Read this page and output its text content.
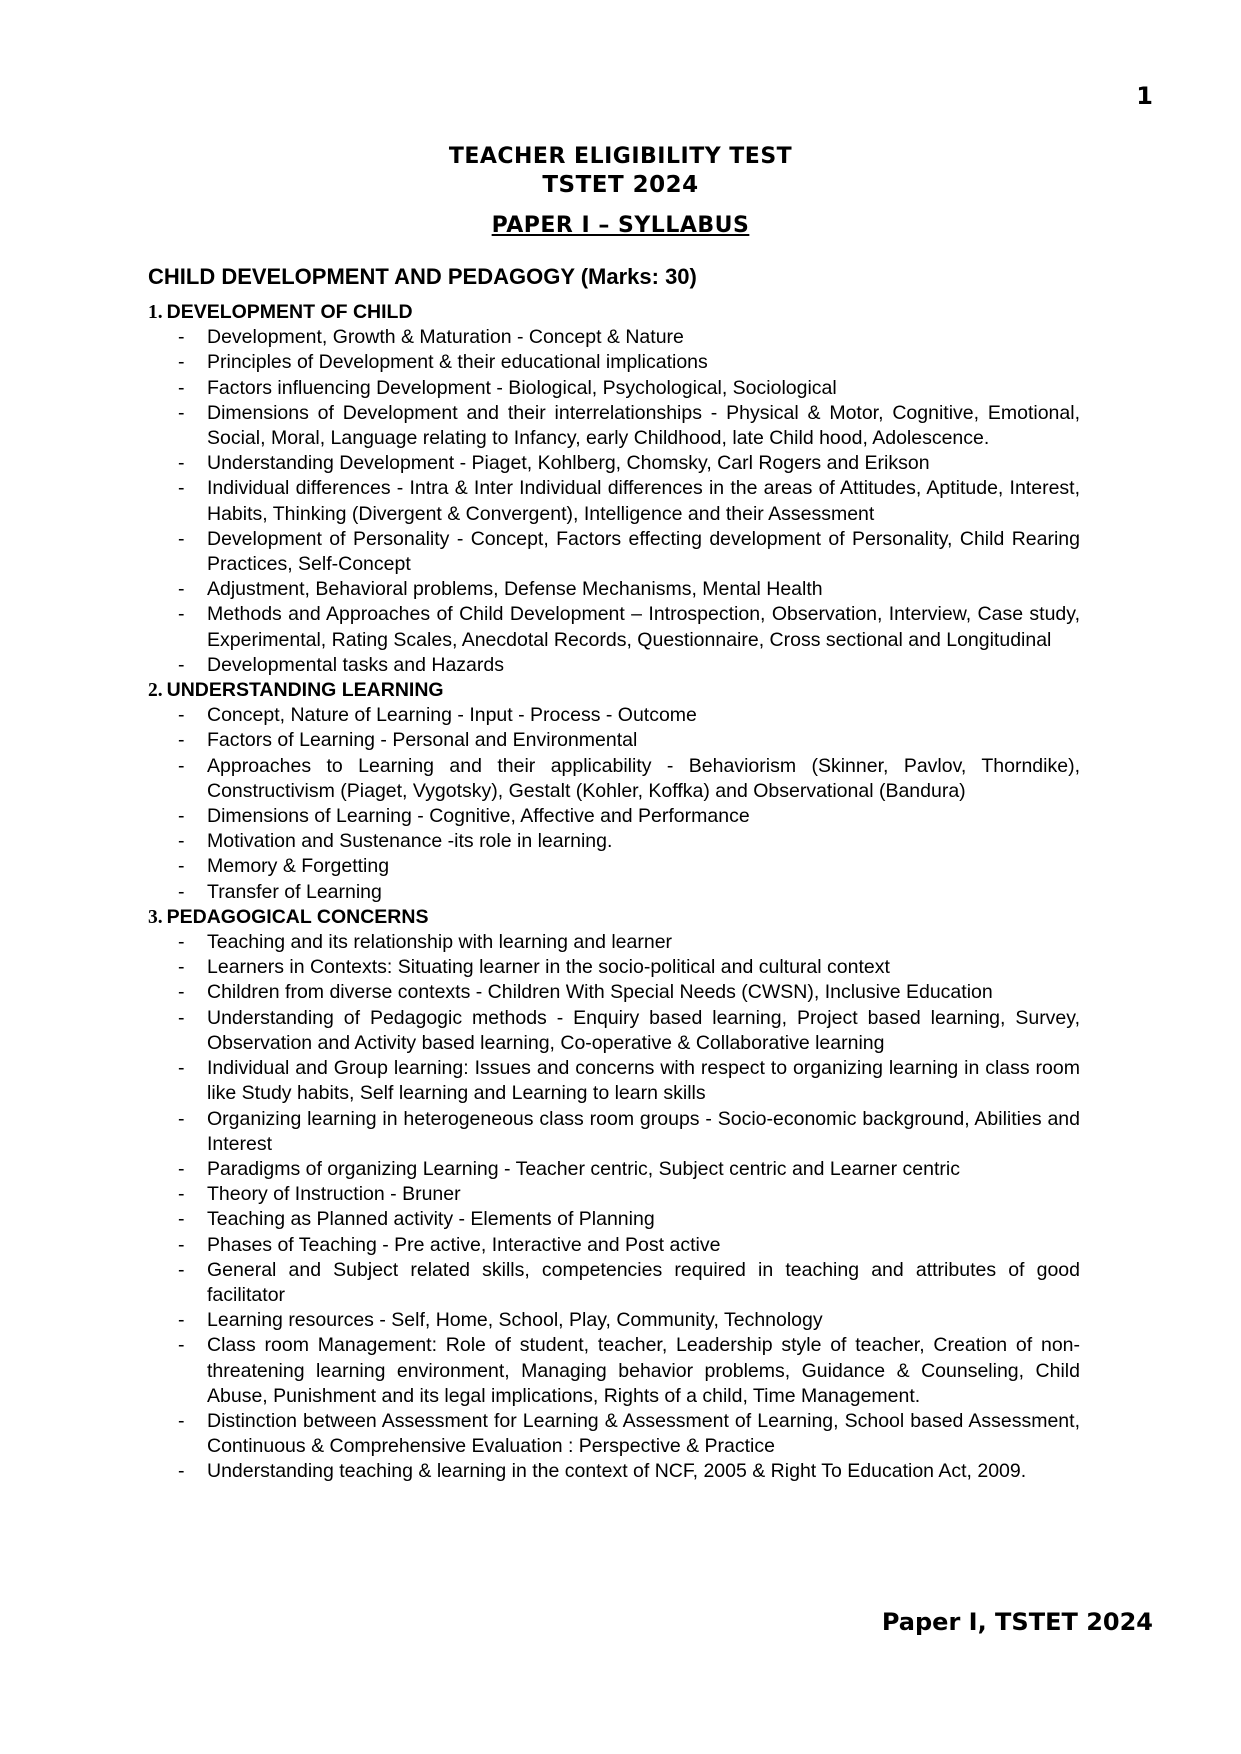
1
TEACHER ELIGIBILITY TEST
TSTET 2024
PAPER I – SYLLABUS
CHILD DEVELOPMENT AND PEDAGOGY (Marks: 30)
1. DEVELOPMENT OF CHILD
- Development, Growth & Maturation - Concept & Nature
- Principles of Development & their educational implications
- Factors influencing Development - Biological, Psychological, Sociological
- Dimensions of Development and their interrelationships - Physical & Motor, Cognitive, Emotional, Social, Moral, Language relating to Infancy, early Childhood, late Child hood, Adolescence.
- Understanding Development - Piaget, Kohlberg, Chomsky, Carl Rogers and Erikson
- Individual differences - Intra & Inter Individual differences in the areas of Attitudes, Aptitude, Interest, Habits, Thinking (Divergent & Convergent), Intelligence and their Assessment
- Development of Personality - Concept, Factors effecting development of Personality, Child Rearing Practices, Self-Concept
- Adjustment, Behavioral problems, Defense Mechanisms, Mental Health
- Methods and Approaches of Child Development – Introspection, Observation, Interview, Case study, Experimental, Rating Scales, Anecdotal Records, Questionnaire, Cross sectional and Longitudinal
- Developmental tasks and Hazards
2. UNDERSTANDING LEARNING
- Concept, Nature of Learning - Input - Process - Outcome
- Factors of Learning - Personal and Environmental
- Approaches to Learning and their applicability - Behaviorism (Skinner, Pavlov, Thorndike), Constructivism (Piaget, Vygotsky), Gestalt (Kohler, Koffka) and Observational (Bandura)
- Dimensions of Learning - Cognitive, Affective and Performance
- Motivation and Sustenance -its role in learning.
- Memory & Forgetting
- Transfer of Learning
3. PEDAGOGICAL CONCERNS
- Teaching and its relationship with learning and learner
- Learners in Contexts: Situating learner in the socio-political and cultural context
- Children from diverse contexts - Children With Special Needs (CWSN), Inclusive Education
- Understanding of Pedagogic methods - Enquiry based learning, Project based learning, Survey, Observation and Activity based learning, Co-operative & Collaborative learning
- Individual and Group learning: Issues and concerns with respect to organizing learning in class room like Study habits, Self learning and Learning to learn skills
- Organizing learning in heterogeneous class room groups - Socio-economic background, Abilities and Interest
- Paradigms of organizing Learning - Teacher centric, Subject centric and Learner centric
- Theory of Instruction - Bruner
- Teaching as Planned activity - Elements of Planning
- Phases of Teaching - Pre active, Interactive and Post active
- General and Subject related skills, competencies required in teaching and attributes of good facilitator
- Learning resources - Self, Home, School, Play, Community, Technology
- Class room Management: Role of student, teacher, Leadership style of teacher, Creation of non-threatening learning environment, Managing behavior problems, Guidance & Counseling, Child Abuse, Punishment and its legal implications, Rights of a child, Time Management.
- Distinction between Assessment for Learning & Assessment of Learning, School based Assessment, Continuous & Comprehensive Evaluation : Perspective & Practice
- Understanding teaching & learning in the context of NCF, 2005 & Right To Education Act, 2009.
Paper I, TSTET 2024
